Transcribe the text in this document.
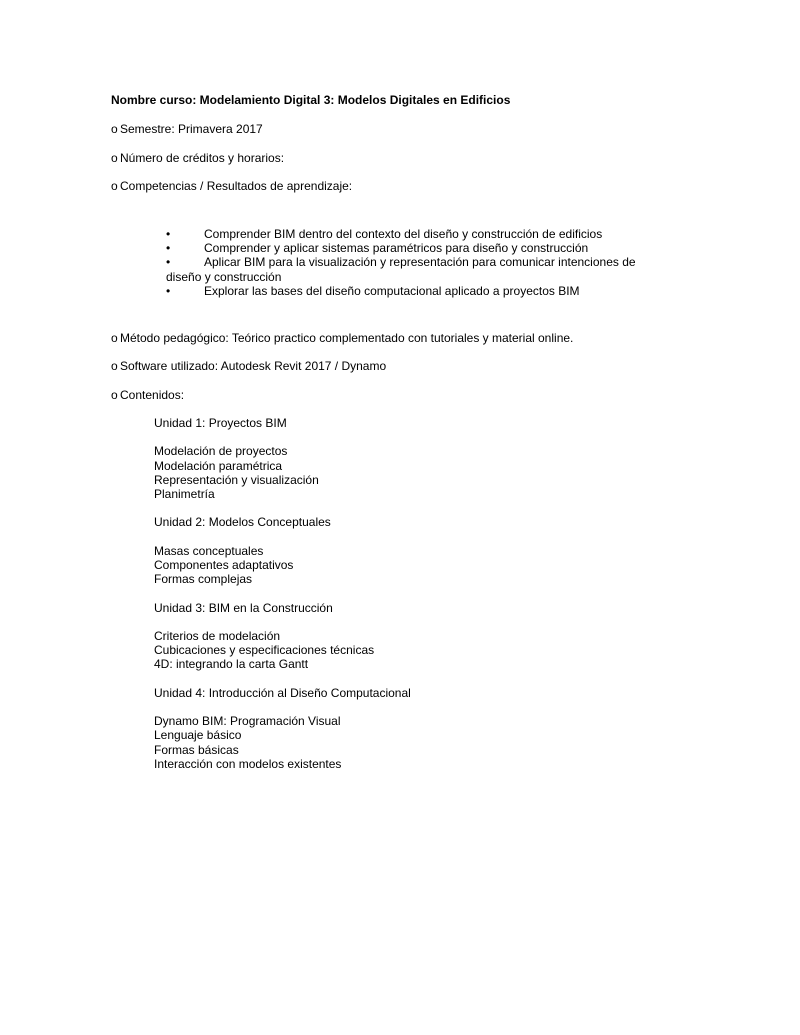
Nombre curso: Modelamiento Digital 3: Modelos Digitales en Edificios
o Semestre: Primavera 2017
o Número de créditos y horarios:
o Competencias / Resultados de aprendizaje:
•	Comprender BIM dentro del contexto del diseño y construcción de edificios
•	Comprender y aplicar sistemas paramétricos para diseño y construcción
•	Aplicar BIM para la visualización y representación para comunicar intenciones de diseño y construcción
•	Explorar las bases del diseño computacional aplicado a proyectos BIM
o Método pedagógico: Teórico practico complementado con tutoriales y material online.
o Software utilizado: Autodesk Revit 2017 / Dynamo
o Contenidos:
Unidad 1: Proyectos BIM
Modelación de proyectos
Modelación paramétrica
Representación y visualización
Planimetría
Unidad 2: Modelos Conceptuales
Masas conceptuales
Componentes adaptativos
Formas complejas
Unidad 3: BIM en la Construcción
Criterios de modelación
Cubicaciones y especificaciones técnicas
4D: integrando la carta Gantt
Unidad 4: Introducción al Diseño Computacional
Dynamo BIM: Programación Visual
Lenguaje básico
Formas básicas
Interacción con modelos existentes
